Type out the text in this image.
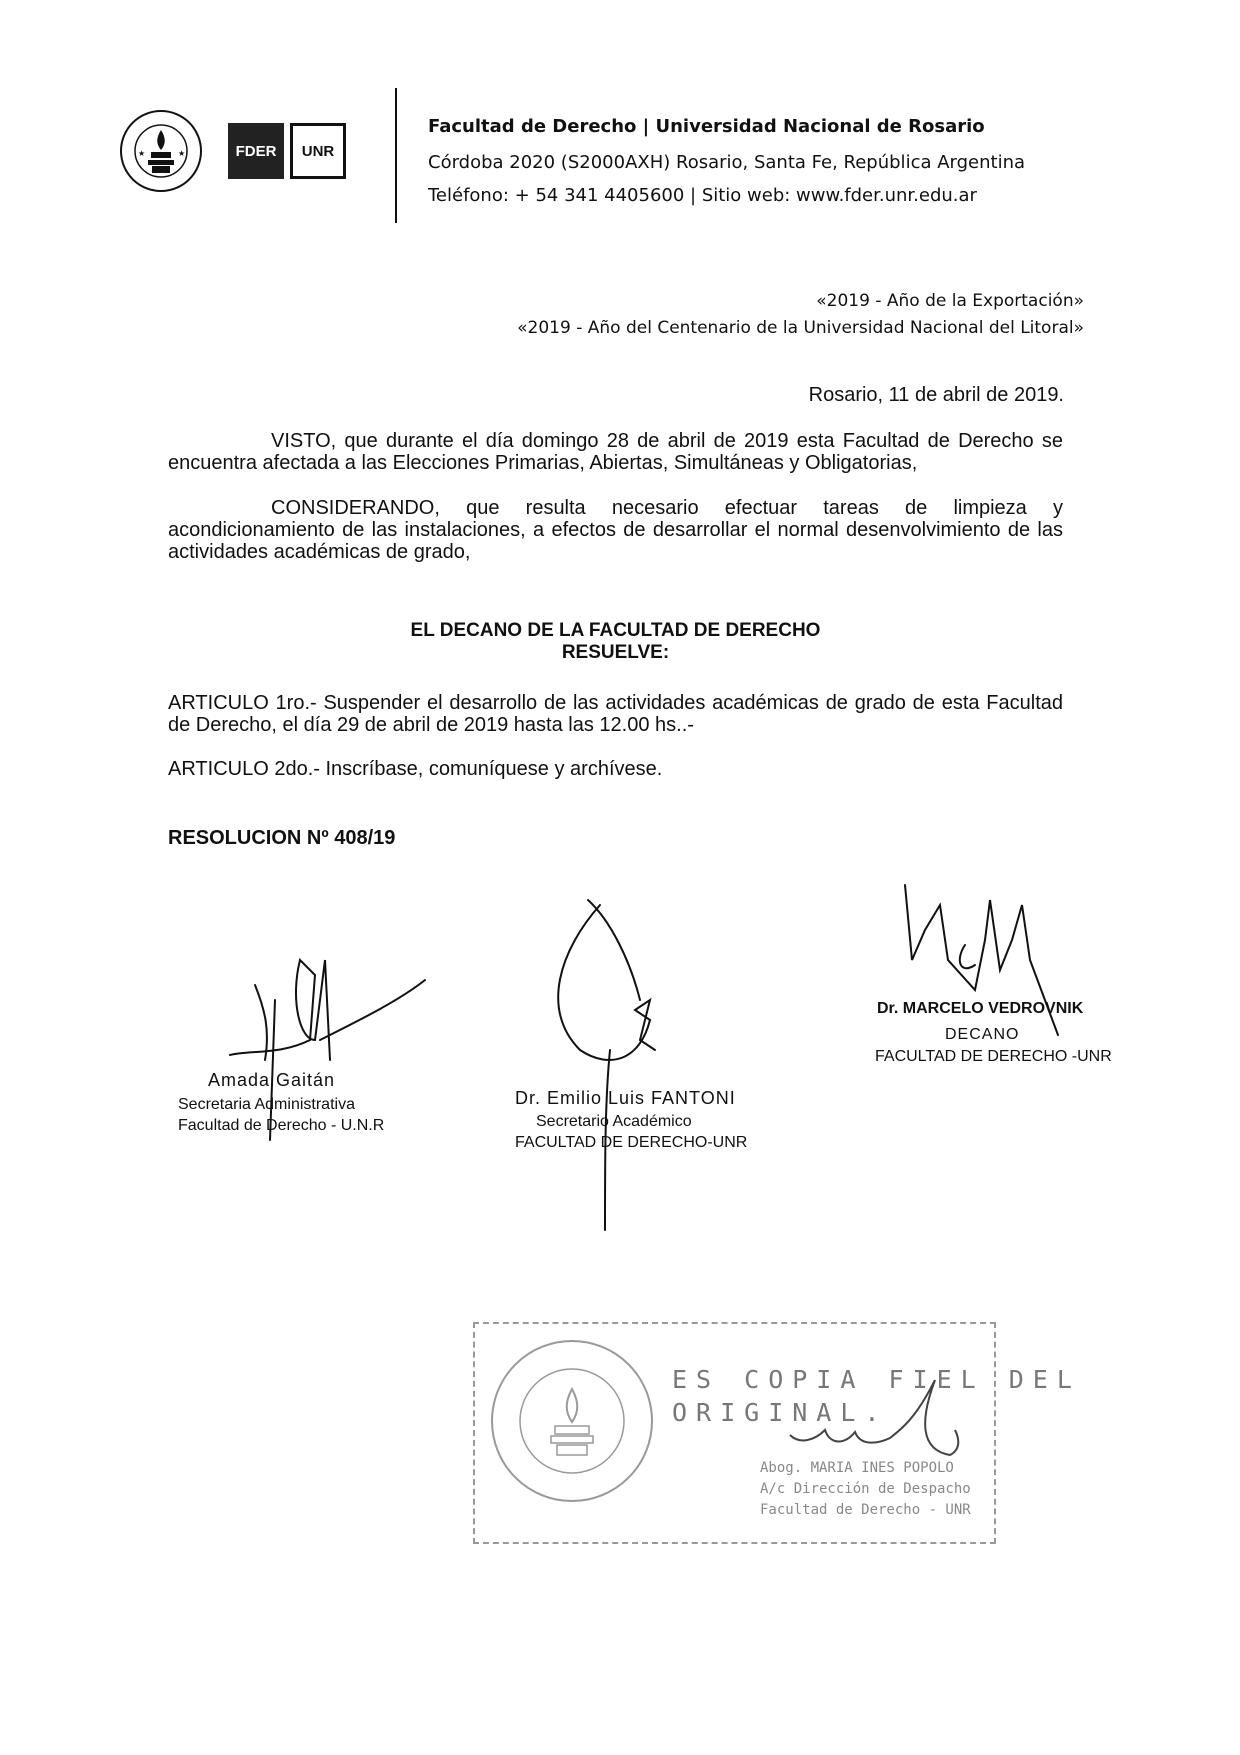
★	★	FDER	UNR
Facultad de Derecho | Universidad Nacional de Rosario
Córdoba 2020 (S2000AXH) Rosario, Santa Fe, República Argentina
Teléfono: + 54 341 4405600 | Sitio web: www.fder.unr.edu.ar
«2019 - Año de la Exportación»
«2019 - Año del Centenario de la Universidad Nacional del Litoral»
Rosario, 11 de abril de 2019.
VISTO, que durante el día domingo 28 de abril de 2019 esta Facultad de Derecho se encuentra afectada a las Elecciones Primarias, Abiertas, Simultáneas y Obligatorias,
CONSIDERANDO, que resulta necesario efectuar tareas de limpieza y acondicionamiento de las instalaciones, a efectos de desarrollar el normal desenvolvimiento de las actividades académicas de grado,
EL DECANO DE LA FACULTAD DE DERECHO
RESUELVE:
ARTICULO 1ro.- Suspender el desarrollo de las actividades académicas de grado de esta Facultad de Derecho, el día 29 de abril de 2019 hasta las 12.00 hs..-
ARTICULO 2do.- Inscríbase, comuníquese y archívese.
RESOLUCION Nº 408/19
Dr. MARCELO VEDROVNIK
DECANO
FACULTAD DE DERECHO -UNR
Dr. Emilio Luis FANTONI
Secretario Académico
FACULTAD DE DERECHO-UNR
Amada Gaitán
Secretaria Administrativa
Facultad de Derecho - U.N.R
ES COPIA FIEL DEL
ORIGINAL.
Abog. MARIA INES POPOLO
A/c Dirección de Despacho
Facultad de Derecho - UNR
